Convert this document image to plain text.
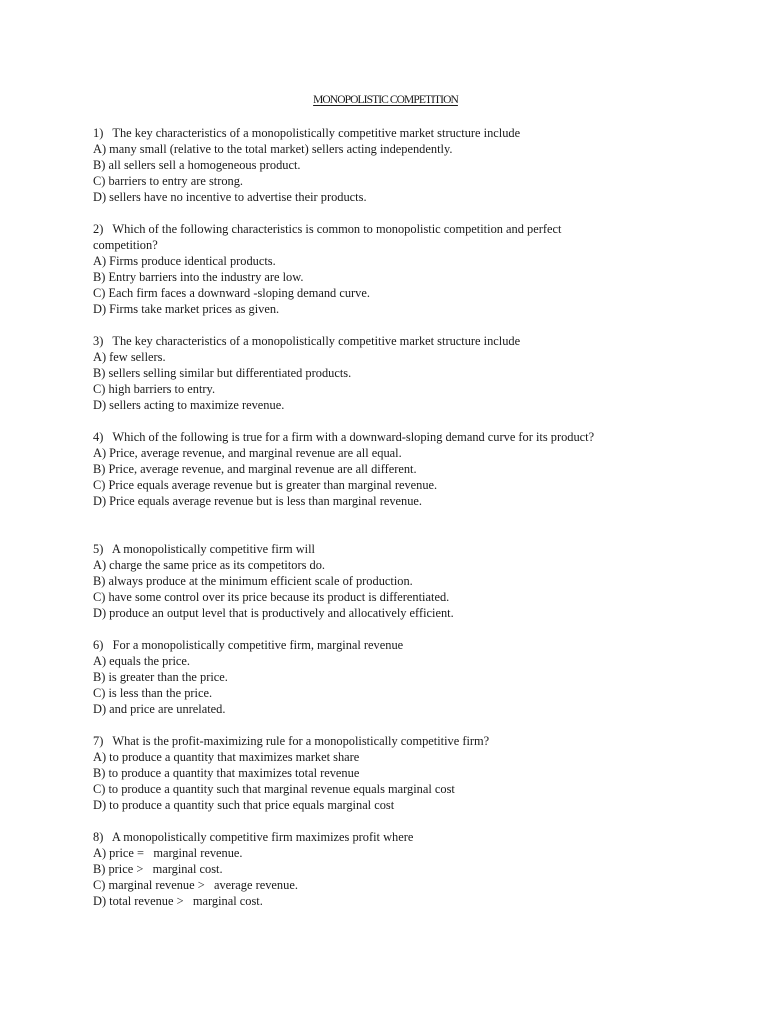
MONOPOLISTIC COMPETITION

1)   The key characteristics of a monopolistically competitive market structure include

A) many small (relative to the total market) sellers acting independently.

B) all sellers sell a homogeneous product.

C) barriers to entry are strong.

D) sellers have no incentive to advertise their products.

2)   Which of the following characteristics is common to monopolistic competition and perfect competition?

A) Firms produce identical products.

B) Entry barriers into the industry are low.

C) Each firm faces a downward -sloping demand curve.

D) Firms take market prices as given.

3)   The key characteristics of a monopolistically competitive market structure include

A) few sellers.

B) sellers selling similar but differentiated products.

C) high barriers to entry.

D) sellers acting to maximize revenue.

4)   Which of the following is true for a firm with a downward-sloping demand curve for its product?

A) Price, average revenue, and marginal revenue are all equal.

B) Price, average revenue, and marginal revenue are all different.

C) Price equals average revenue but is greater than marginal revenue.

D) Price equals average revenue but is less than marginal revenue.

5)   A monopolistically competitive firm will

A) charge the same price as its competitors do.

B) always produce at the minimum efficient scale of production.

C) have some control over its price because its product is differentiated.

D) produce an output level that is productively and allocatively efficient.

6)   For a monopolistically competitive firm, marginal revenue

A) equals the price.

B) is greater than the price.

C) is less than the price.

D) and price are unrelated.

7)   What is the profit-maximizing rule for a monopolistically competitive firm?

A) to produce a quantity that maximizes market share

B) to produce a quantity that maximizes total revenue

C) to produce a quantity such that marginal revenue equals marginal cost

D) to produce a quantity such that price equals marginal cost

8)   A monopolistically competitive firm maximizes profit where

A) price =   marginal revenue.

B) price >   marginal cost.

C) marginal revenue >   average revenue.

D) total revenue >   marginal cost.
